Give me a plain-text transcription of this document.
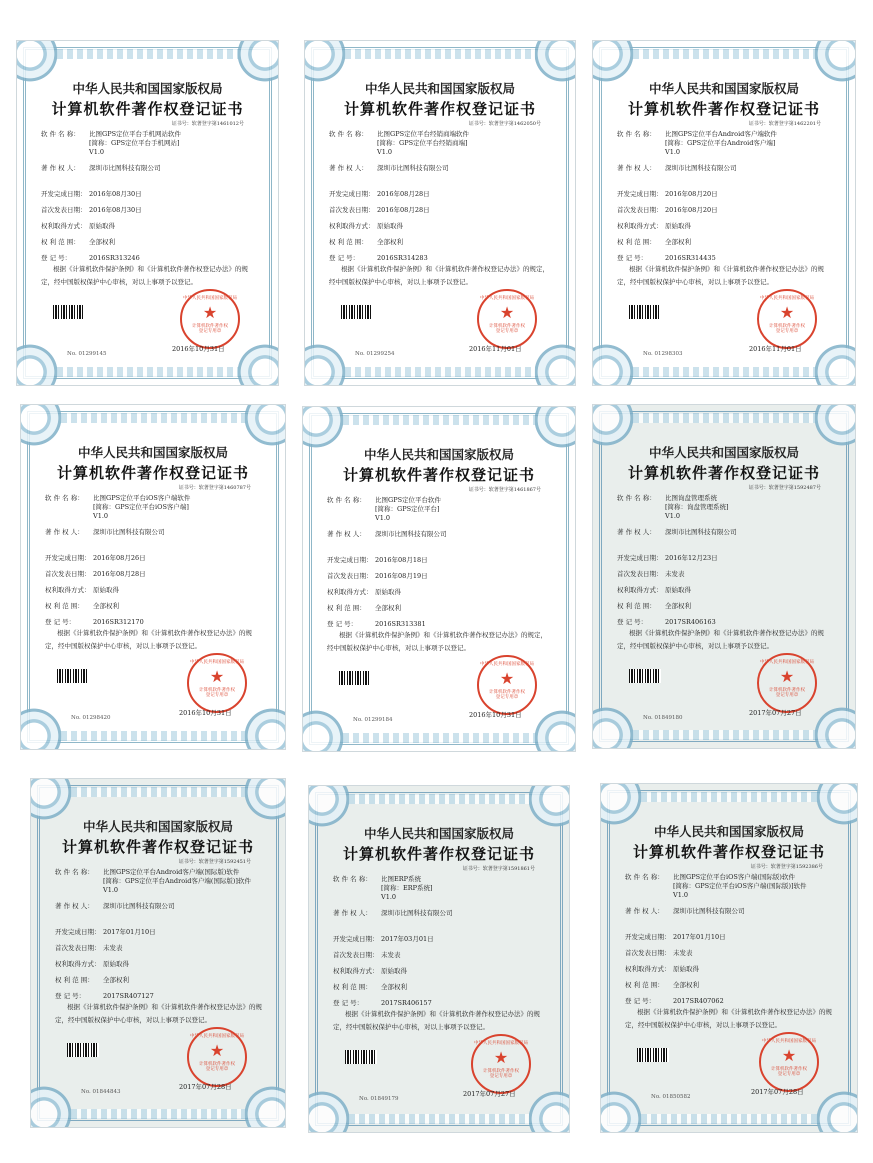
中华人民共和国国家版权局
计算机软件著作权登记证书
证书号：软著登字第1461012号
软 件 名 称：	比图GPS定位平台手机网站软件
[简称：GPS定位平台手机网站]
V1.0
著 作 权 人：	深圳市比图科技有限公司
开发完成日期： 2016年08月30日
首次发表日期： 2016年08月30日
权利取得方式： 原始取得
权 利 范 围：	全部权利
登 记 号：	2016SR313246
根据《计算机软件保护条例》和《计算机软件著作权登记办法》的规定，经中国版权保护中心审核，对以上事项予以登记。
No. 01299145
中华人民共和国国家版权局
★
计算机软件著作权
登记专用章
2016年10月31日
中华人民共和国国家版权局
计算机软件著作权登记证书
证书号：软著登字第1462050号
软 件 名 称：	比图GPS定位平台经销商端软件
[简称：GPS定位平台经销商端]
V1.0
著 作 权 人：	深圳市比图科技有限公司
开发完成日期： 2016年08月28日
首次发表日期： 2016年08月28日
权利取得方式： 原始取得
权 利 范 围：	全部权利
登 记 号：	2016SR314283
根据《计算机软件保护条例》和《计算机软件著作权登记办法》的规定，经中国版权保护中心审核，对以上事项予以登记。
No. 01299254
中华人民共和国国家版权局
★
计算机软件著作权
登记专用章
2016年11月01日
中华人民共和国国家版权局
计算机软件著作权登记证书
证书号：软著登字第1462201号
软 件 名 称：	比图GPS定位平台Android客户端软件
[简称：GPS定位平台Android客户端]
V1.0
著 作 权 人：	深圳市比图科技有限公司
开发完成日期： 2016年08月20日
首次发表日期： 2016年08月20日
权利取得方式： 原始取得
权 利 范 围：	全部权利
登 记 号：	2016SR314435
根据《计算机软件保护条例》和《计算机软件著作权登记办法》的规定，经中国版权保护中心审核，对以上事项予以登记。
No. 01298303
中华人民共和国国家版权局
★
计算机软件著作权
登记专用章
2016年11月01日
中华人民共和国国家版权局
计算机软件著作权登记证书
证书号：软著登字第1460787号
软 件 名 称：	比图GPS定位平台iOS客户端软件
[简称：GPS定位平台iOS客户端]
V1.0
著 作 权 人：	深圳市比图科技有限公司
开发完成日期： 2016年08月26日
首次发表日期： 2016年08月28日
权利取得方式： 原始取得
权 利 范 围：	全部权利
登 记 号：	2016SR312170
根据《计算机软件保护条例》和《计算机软件著作权登记办法》的规定，经中国版权保护中心审核，对以上事项予以登记。
No. 01298420
中华人民共和国国家版权局
★
计算机软件著作权
登记专用章
2016年10月31日
中华人民共和国国家版权局
计算机软件著作权登记证书
证书号：软著登字第1461867号
软 件 名 称：	比图GPS定位平台软件
[简称：GPS定位平台]
V1.0
著 作 权 人：	深圳市比图科技有限公司
开发完成日期： 2016年08月18日
首次发表日期： 2016年08月19日
权利取得方式： 原始取得
权 利 范 围：	全部权利
登 记 号：	2016SR313381
根据《计算机软件保护条例》和《计算机软件著作权登记办法》的规定，经中国版权保护中心审核，对以上事项予以登记。
No. 01299184
中华人民共和国国家版权局
★
计算机软件著作权
登记专用章
2016年10月31日
中华人民共和国国家版权局
计算机软件著作权登记证书
证书号：软著登字第1592487号
软 件 名 称：	比图询盘管理系统
[简称：询盘管理系统]
V1.0
著 作 权 人：	深圳市比图科技有限公司
开发完成日期： 2016年12月23日
首次发表日期： 未发表
权利取得方式： 原始取得
权 利 范 围：	全部权利
登 记 号：	2017SR406163
根据《计算机软件保护条例》和《计算机软件著作权登记办法》的规定，经中国版权保护中心审核，对以上事项予以登记。
No. 01849180
中华人民共和国国家版权局
★
计算机软件著作权
登记专用章
2017年07月27日
中华人民共和国国家版权局
计算机软件著作权登记证书
证书号：软著登字第1592451号
软 件 名 称：	比图GPS定位平台Android客户端(国际版)软件
[简称：GPS定位平台Android客户端(国际版)]软件
V1.0
著 作 权 人：	深圳市比图科技有限公司
开发完成日期： 2017年01月10日
首次发表日期： 未发表
权利取得方式： 原始取得
权 利 范 围：	全部权利
登 记 号：	2017SR407127
根据《计算机软件保护条例》和《计算机软件著作权登记办法》的规定，经中国版权保护中心审核，对以上事项予以登记。
No. 01844843
中华人民共和国国家版权局
★
计算机软件著作权
登记专用章
2017年07月28日
中华人民共和国国家版权局
计算机软件著作权登记证书
证书号：软著登字第1591861号
软 件 名 称：	比图ERP系统
[简称：ERP系统]
V1.0
著 作 权 人：	深圳市比图科技有限公司
开发完成日期： 2017年03月01日
首次发表日期： 未发表
权利取得方式： 原始取得
权 利 范 围：	全部权利
登 记 号：	2017SR406157
根据《计算机软件保护条例》和《计算机软件著作权登记办法》的规定，经中国版权保护中心审核，对以上事项予以登记。
No. 01849179
中华人民共和国国家版权局
★
计算机软件著作权
登记专用章
2017年07月27日
中华人民共和国国家版权局
计算机软件著作权登记证书
证书号：软著登字第1592386号
软 件 名 称：	比图GPS定位平台iOS客户端(国际版)软件
[简称：GPS定位平台iOS客户端(国际版)]软件
V1.0
著 作 权 人：	深圳市比图科技有限公司
开发完成日期： 2017年01月10日
首次发表日期： 未发表
权利取得方式： 原始取得
权 利 范 围：	全部权利
登 记 号：	2017SR407062
根据《计算机软件保护条例》和《计算机软件著作权登记办法》的规定，经中国版权保护中心审核，对以上事项予以登记。
No. 01850582
中华人民共和国国家版权局
★
计算机软件著作权
登记专用章
2017年07月28日
